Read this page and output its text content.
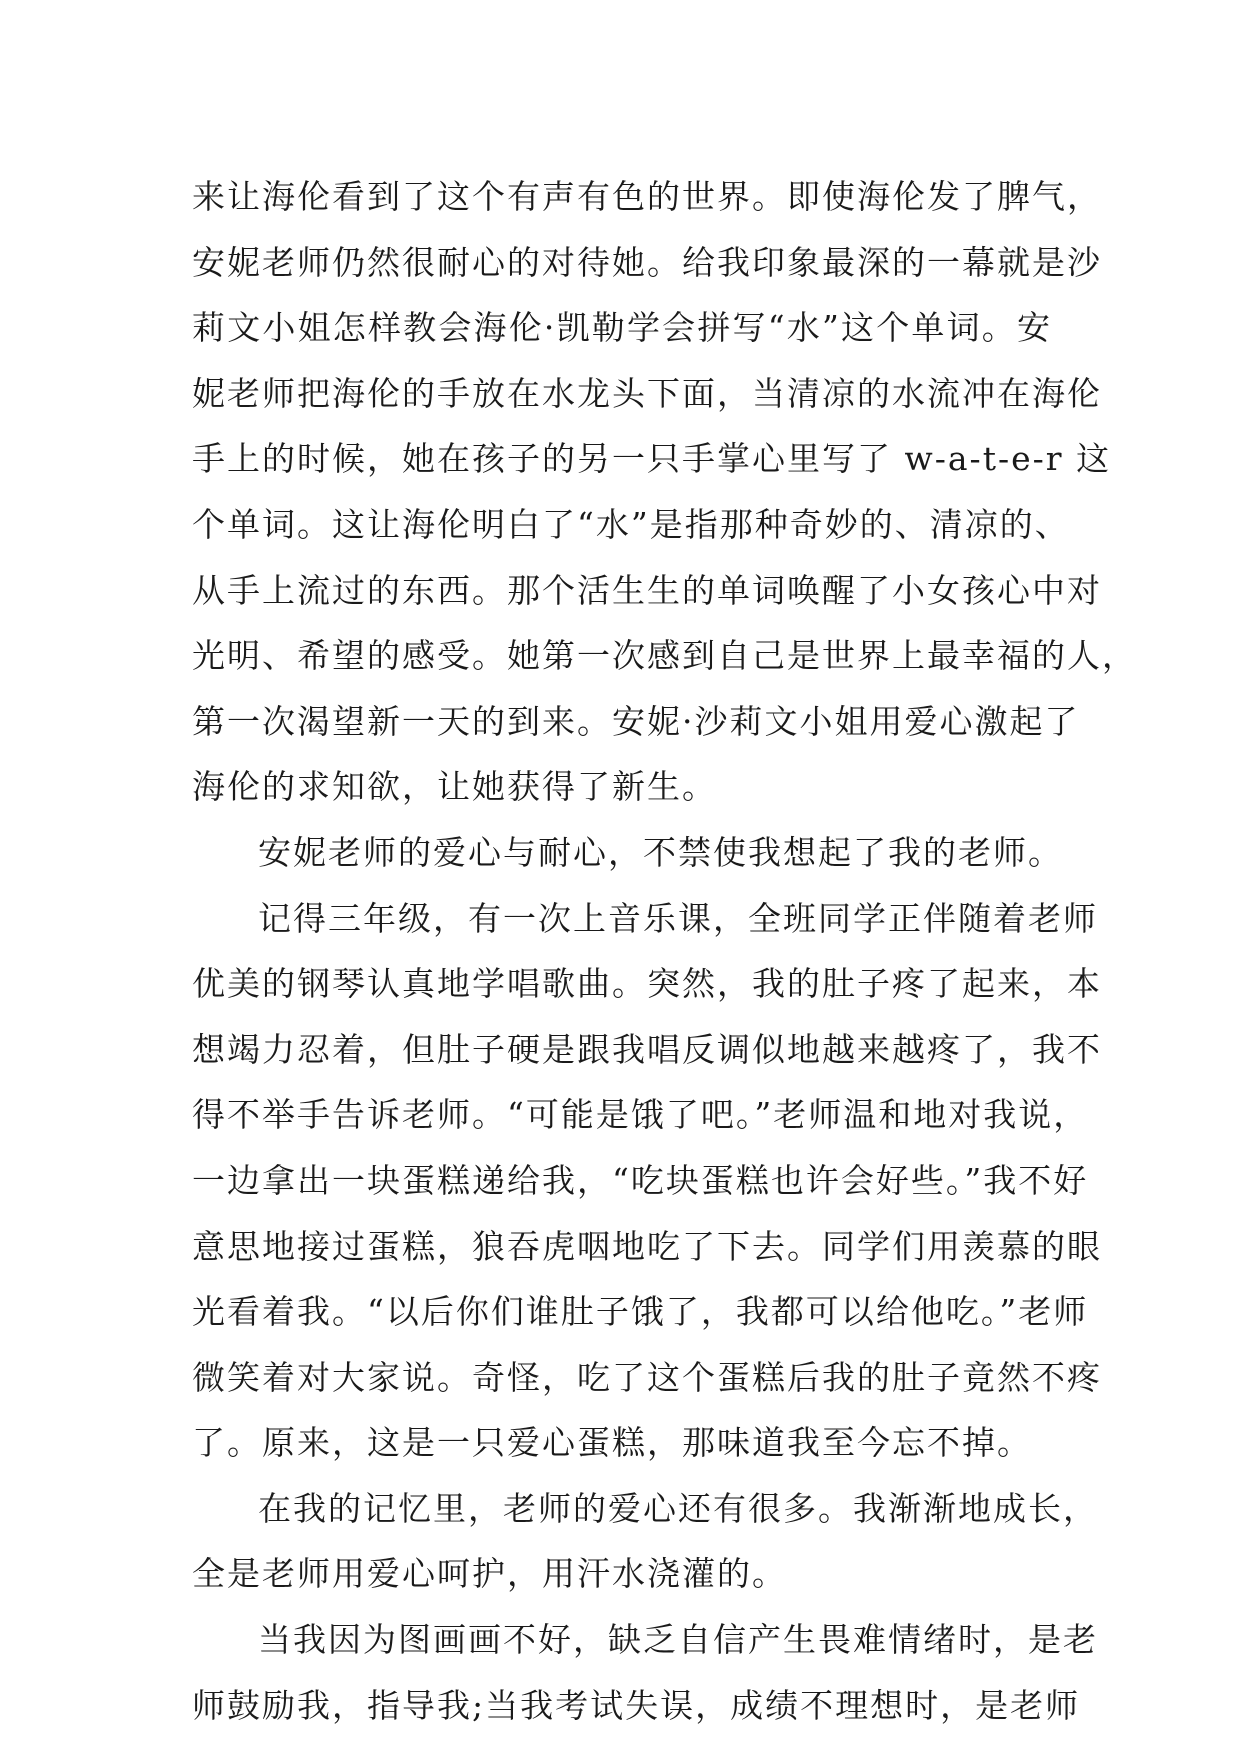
来让海伦看到了这个有声有色的世界。即使海伦发了脾气，
安妮老师仍然很耐心的对待她。给我印象最深的一幕就是沙
莉文小姐怎样教会海伦·凯勒学会拼写“水”这个单词。安
妮老师把海伦的手放在水龙头下面，当清凉的水流冲在海伦
手上的时候，她在孩子的另一只手掌心里写了 w-a-t-e-r 这
个单词。这让海伦明白了“水”是指那种奇妙的、清凉的、
从手上流过的东西。那个活生生的单词唤醒了小女孩心中对
光明、希望的感受。她第一次感到自己是世界上最幸福的人，
第一次渴望新一天的到来。安妮·沙莉文小姐用爱心激起了
海伦的求知欲，让她获得了新生。
安妮老师的爱心与耐心，不禁使我想起了我的老师。
记得三年级，有一次上音乐课，全班同学正伴随着老师
优美的钢琴认真地学唱歌曲。突然，我的肚子疼了起来，本
想竭力忍着，但肚子硬是跟我唱反调似地越来越疼了，我不
得不举手告诉老师。“可能是饿了吧。”老师温和地对我说，
一边拿出一块蛋糕递给我，“吃块蛋糕也许会好些。”我不好
意思地接过蛋糕，狼吞虎咽地吃了下去。同学们用羡慕的眼
光看着我。“以后你们谁肚子饿了，我都可以给他吃。”老师
微笑着对大家说。奇怪，吃了这个蛋糕后我的肚子竟然不疼
了。原来，这是一只爱心蛋糕，那味道我至今忘不掉。
在我的记忆里，老师的爱心还有很多。我渐渐地成长，
全是老师用爱心呵护，用汗水浇灌的。
当我因为图画画不好，缺乏自信产生畏难情绪时，是老
师鼓励我，指导我;当我考试失误，成绩不理想时，是老师
